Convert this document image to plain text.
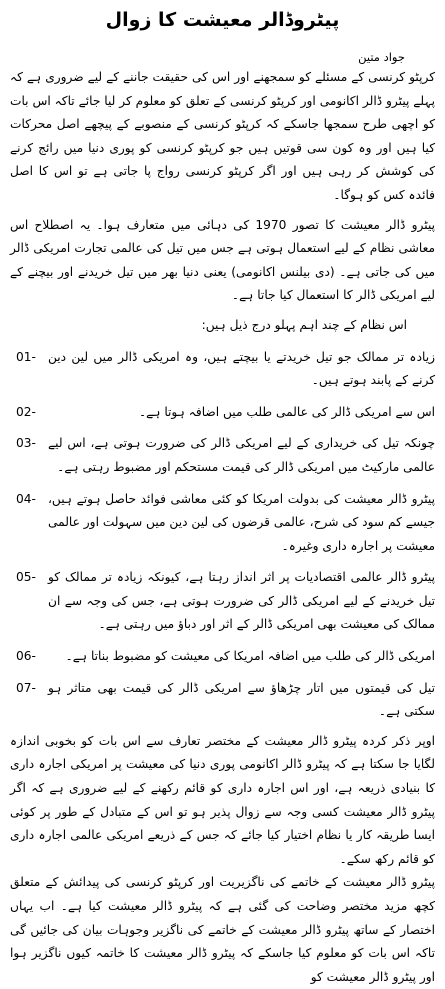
پیٹروڈالر معیشت کا زوال
جواد متین

کرپٹو کرنسی کے مسئلے کو سمجھنے اور اس کی حقیقت جاننے کے لیے ضروری ہے کہ پہلے پیٹرو ڈالر اکانومی اور کرپٹو کرنسی کے تعلق کو معلوم کر لیا جائے تاکہ اس بات کو اچھی طرح سمجھا جاسکے کہ کرپٹو کرنسی کے منصوبے کے پیچھے اصل محرکات کیا ہیں اور وہ کون سی قوتیں ہیں جو کرپٹو کرنسی کو پوری دنیا میں رائج کرنے کی کوشش کر رہی ہیں اور اگر کرپٹو کرنسی رواج پا جاتی ہے تو اس کا اصل فائدہ کس کو ہوگا۔

پیٹرو ڈالر معیشت کا تصور 1970 کی دہائی میں متعارف ہوا۔ یہ اصطلاح اس معاشی نظام کے لیے استعمال ہوتی ہے جس میں تیل کی عالمی تجارت امریکی ڈالر میں کی جاتی ہے۔ (دی بیلنس اکانومی) یعنی دنیا بھر میں تیل خریدنے اور بیچنے کے لیے امریکی ڈالر کا استعمال کیا جاتا ہے۔

اس نظام کے چند اہم پہلو درج ذیل ہیں:
01- زیادہ تر ممالک جو تیل خریدتے یا بیچتے ہیں، وہ امریکی ڈالر میں لین دین کرنے کے پابند ہوتے ہیں۔
02-	اس سے امریکی ڈالر کی عالمی طلب میں اضافہ ہوتا ہے۔
03- چونکہ تیل کی خریداری کے لیے امریکی ڈالر کی ضرورت ہوتی ہے، اس لیے عالمی مارکیٹ میں امریکی ڈالر کی قیمت مستحکم اور مضبوط رہتی ہے۔
04- پیٹرو ڈالر معیشت کی بدولت امریکا کو کئی معاشی فوائد حاصل ہوتے ہیں، جیسے کم سود کی شرح، عالمی قرضوں کی لین دین میں سہولت اور عالمی معیشت پر اجارہ داری وغیرہ۔
05- پیٹرو ڈالر عالمی اقتصادیات پر اثر انداز رہتا ہے، کیونکہ زیادہ تر ممالک کو تیل خریدنے کے لیے امریکی ڈالر کی ضرورت ہوتی ہے، جس کی وجہ سے ان ممالک کی معیشت بھی امریکی ڈالر کے اثر اور دباؤ میں رہتی ہے۔
06-	امریکی ڈالر کی طلب میں اضافہ امریکا کی معیشت کو مضبوط بناتا ہے۔
07- تیل کی قیمتوں میں اتار چڑھاؤ سے امریکی ڈالر کی قیمت بھی متاثر ہو سکتی ہے۔

اوپر ذکر کردہ پیٹرو ڈالر معیشت کے مختصر تعارف سے اس بات کو بخوبی اندازہ لگایا جا سکتا ہے کہ پیٹرو ڈالر اکانومی پوری دنیا کی معیشت پر امریکی اجارہ داری کا بنیادی ذریعہ ہے، اور اس اجارہ داری کو قائم رکھنے کے لیے ضروری ہے کہ اگر پیٹرو ڈالر معیشت کسی وجہ سے زوال پذیر ہو تو اس کے متبادل کے طور پر کوئی ایسا طریقہ کار یا نظام اختیار کیا جائے کہ جس کے ذریعے امریکی عالمی اجارہ داری کو قائم رکھ سکے۔

پیٹرو ڈالر معیشت کے خاتمے کی ناگزیریت اور کرپٹو کرنسی کی پیدائش کے متعلق کچھ مزید مختصر وضاحت کی گئی ہے کہ پیٹرو ڈالر معیشت کیا ہے۔ اب یہاں اختصار کے ساتھ پیٹرو ڈالر معیشت کے خاتمے کی ناگزیر وجوہات بیان کی جائیں گی تاکہ اس بات کو معلوم کیا جاسکے کہ پیٹرو ڈالر معیشت کا خاتمہ کیوں ناگزیر ہوا اور پیٹرو ڈالر معیشت کو
